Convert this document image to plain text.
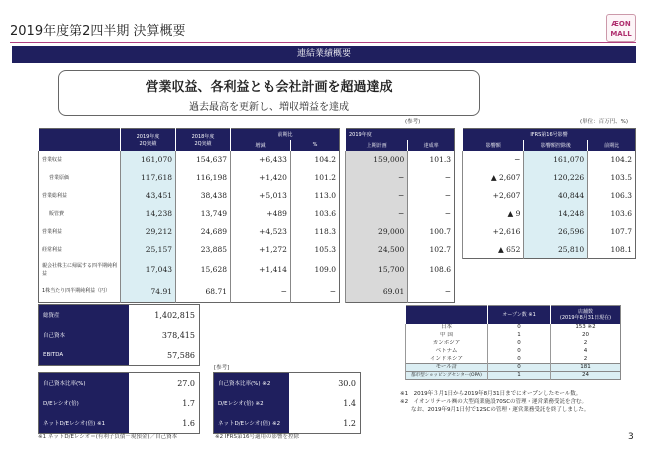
2019年度第2四半期 決算概要	ÆON
MALL
連結業績概要
営業収益、各利益とも会社計画を超過達成
過去最高を更新し、増収増益を達成
(参考)	(単位：百万円、%)
	2019年度
2Q実績	2018年度
2Q実績	前期比	
			増減	%
営業収益	161,070	154,637	+6,433	104.2
営業原価	117,618	116,198	+1,420	101.2
営業総利益	43,451	38,438	+5,013	113.0
販管費	14,238	13,749	+489	103.6
営業利益	29,212	24,689	+4,523	118.3
経常利益	25,157	23,885	+1,272	105.3
親会社株主に帰属する四半期純利益	17,043	15,628	+1,414	109.0
1株当たり四半期純利益（円）	74.91	68.71	−	−
2019年度	
上期計画	達成率
159,000	101.3
−	−
−	−
−	−
29,000	100.7
24,500	102.7
15,700	108.6
69.01	−
IFRS第16号影響		
影響額	影響額控除後	前期比
−	161,070	104.2
▲ 2,607	120,226	103.5
+2,607	40,844	106.3
▲ 9	14,248	103.6
+2,616	26,596	107.7
▲ 652	25,810	108.1
総資産	1,402,815
自己資本	378,415
EBITDA	57,586
自己資本比率(%)	27.0
D/Eレシオ(倍)	1.7
ネットD/Eレシオ(倍) ※1	1.6
[参考]
自己資本比率(%) ※2	30.0
D/Eレシオ(倍) ※2	1.4
ネットD/Eレシオ(倍) ※2	1.2
※1 ネットD/Eレシオ＝(有利子負債－現預金)／自己資本	※2 IFRS第16号適用の影響を控除
	オープン数 ※1	店舗数
(2019年8月31日現在)
日本	0	153 ※2
中 国	1	20
カンボジア	0	2
ベトナム	0	4
インドネシア	0	2
モール計	0	181
都市型ショッピングセンター(OPA)	1	24
※1　2019年３月1日から2019年8月31日までにオープンしたモール数。
※2　イオンリテール㈱の大型商業施設70SCの管理・運営業務受託を含む。
なお、2019年9月1日付で12SCの管理・運営業務受託を終了しました。
3
